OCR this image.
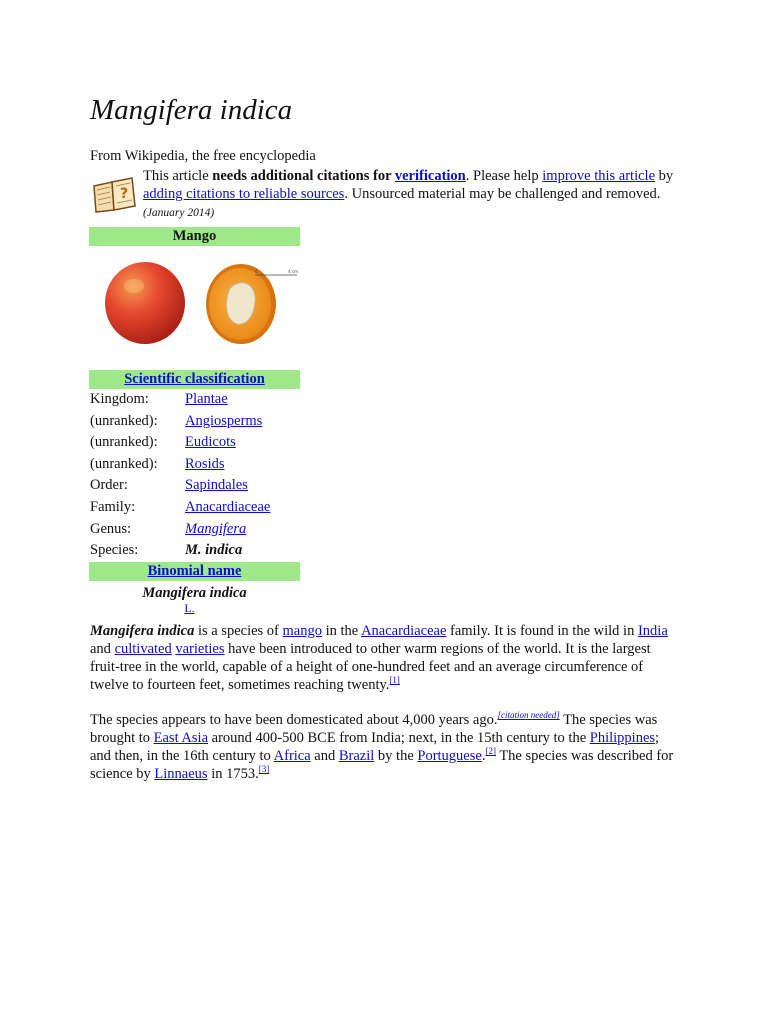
Mangifera indica
From Wikipedia, the free encyclopedia
?
This article needs additional citations for verification. Please help improve this article by adding citations to reliable sources. Unsourced material may be challenged and removed. (January 2014)
Mango
0	4 cm
Scientific classification
Kingdom:	Plantae
(unranked):	Angiosperms
(unranked):	Eudicots
(unranked):	Rosids
Order:	Sapindales
Family:	Anacardiaceae
Genus:	Mangifera
Species:	M. indica
Binomial name
Mangifera indica
L.
Mangifera indica is a species of mango in the Anacardiaceae family. It is found in the wild in India and cultivated varieties have been introduced to other warm regions of the world. It is the largest fruit-tree in the world, capable of a height of one-hundred feet and an average circumference of twelve to fourteen feet, sometimes reaching twenty.[1]
The species appears to have been domesticated about 4,000 years ago.[citation needed] The species was brought to East Asia around 400-500 BCE from India; next, in the 15th century to the Philippines; and then, in the 16th century to Africa and Brazil by the Portuguese.[2] The species was described for science by Linnaeus in 1753.[3]
